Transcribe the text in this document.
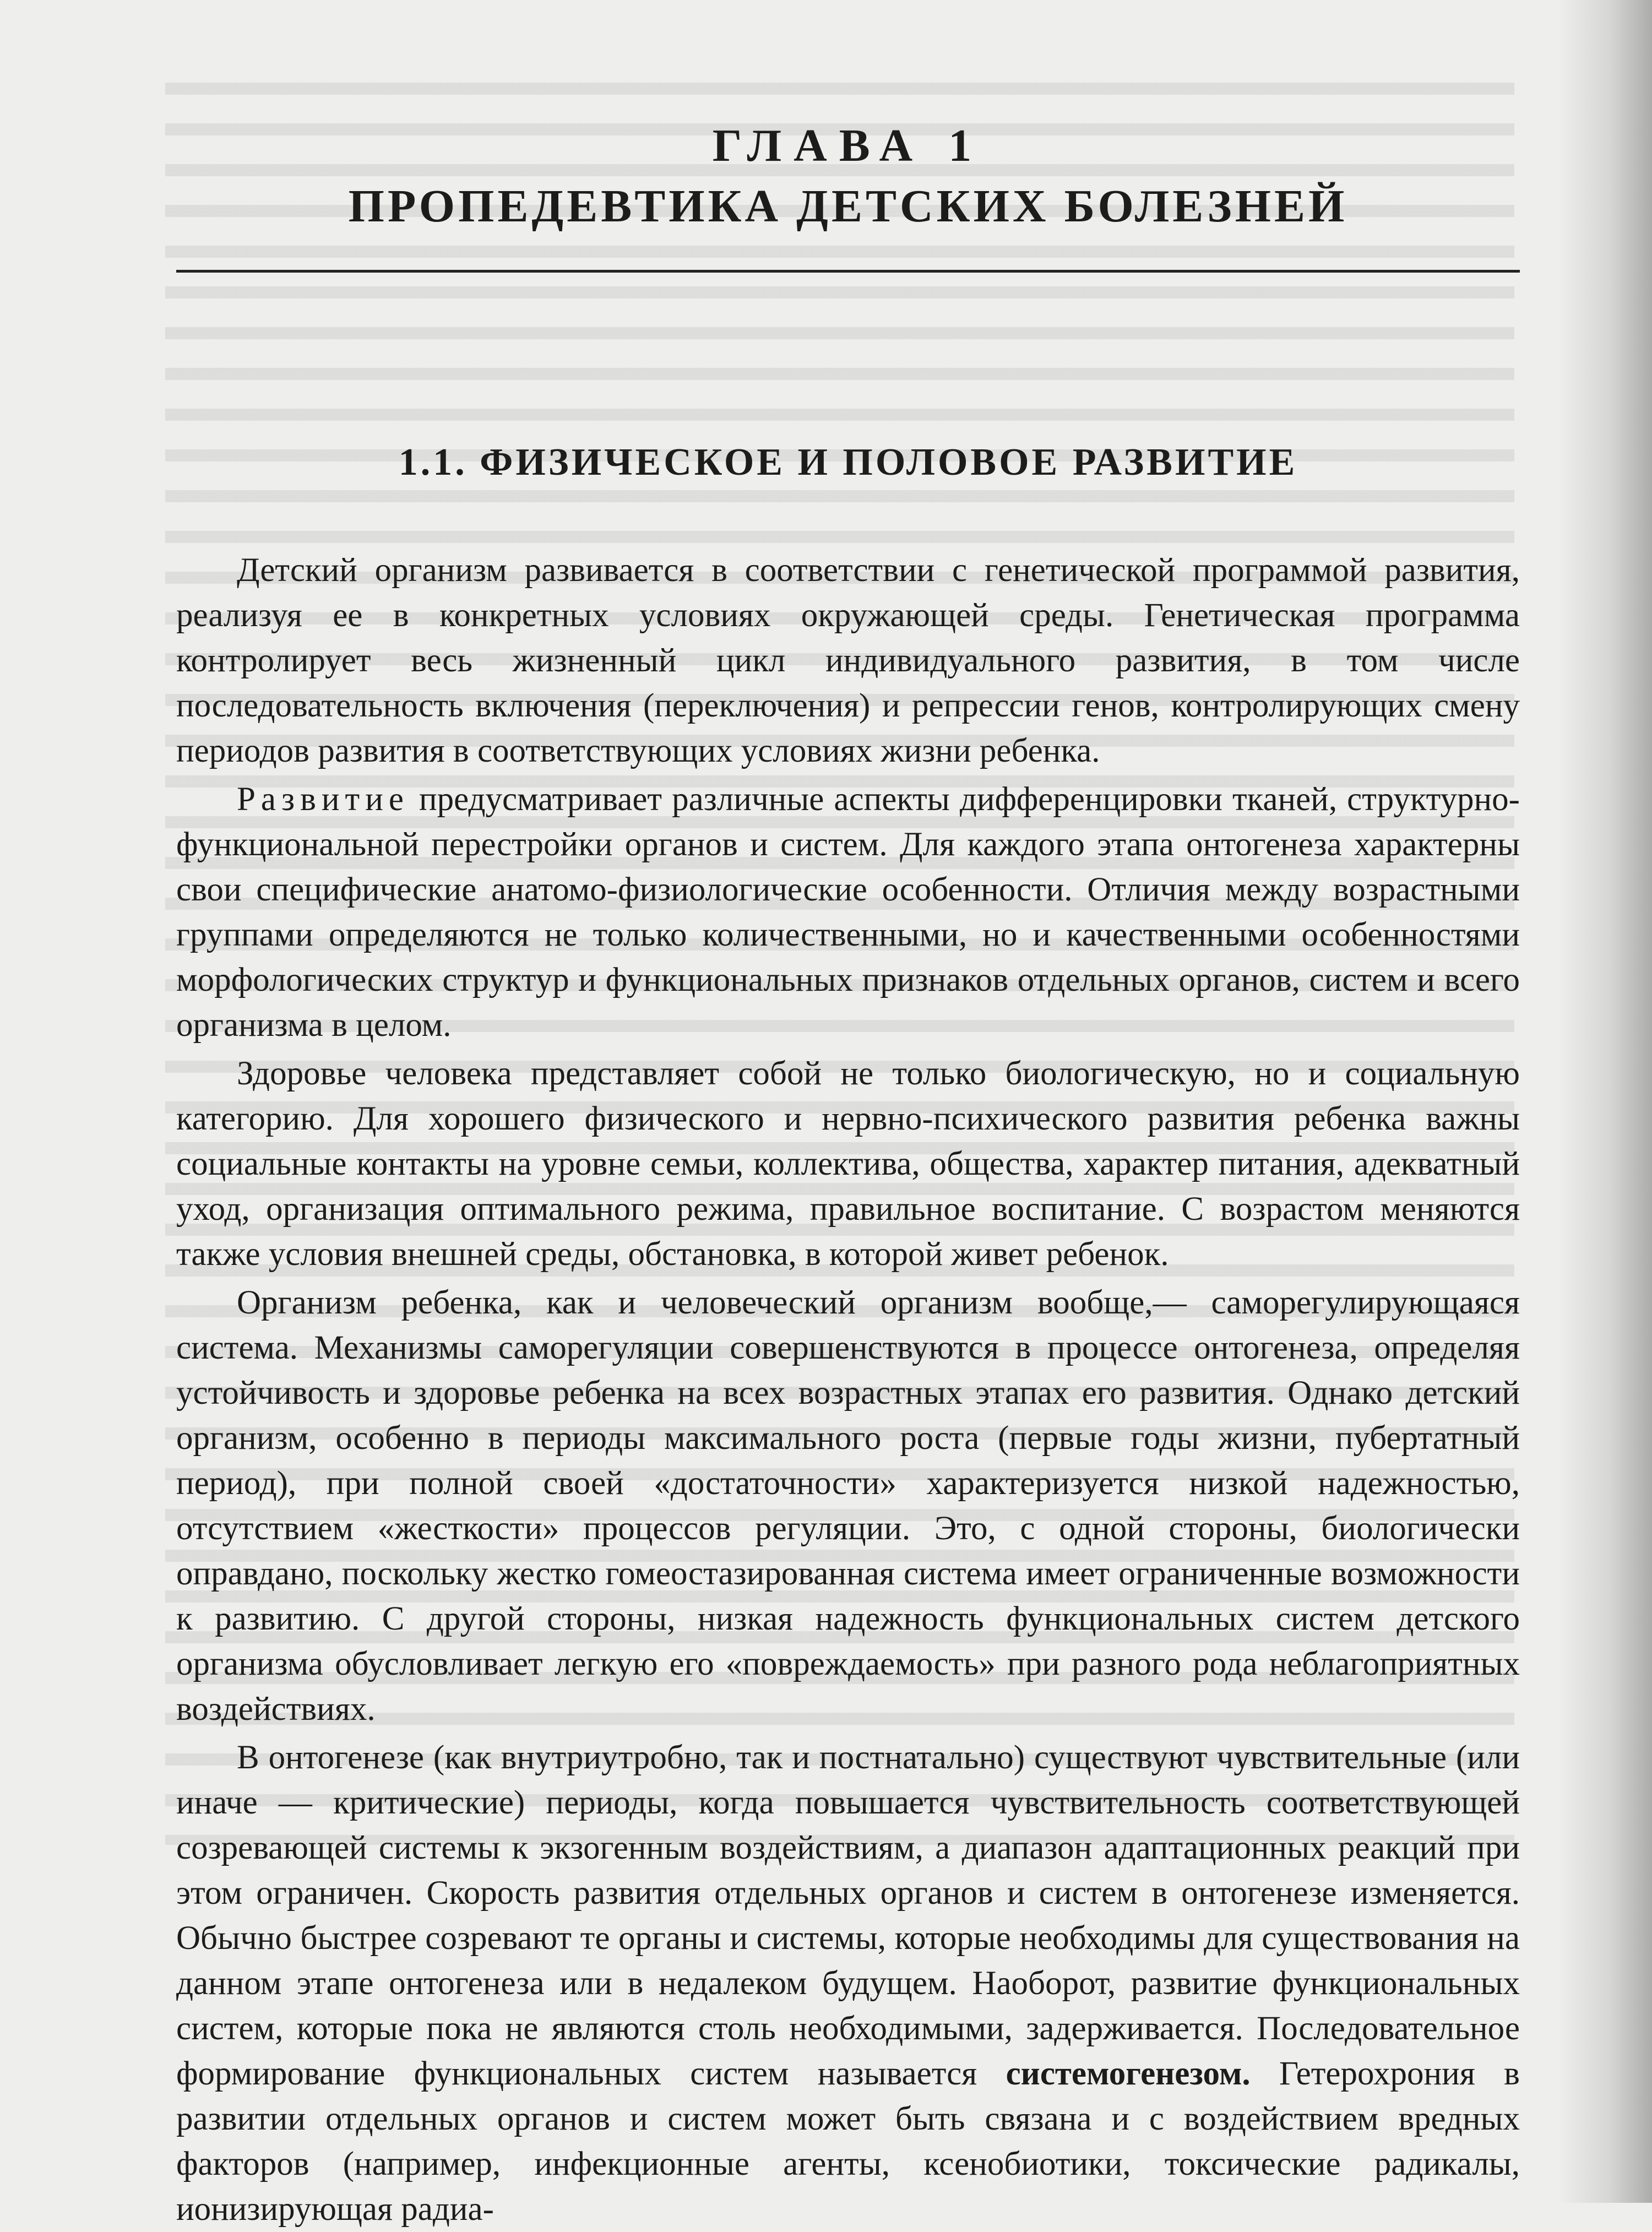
ГЛАВА 1
ПРОПЕДЕВТИКА ДЕТСКИХ БОЛЕЗНЕЙ
1.1. ФИЗИЧЕСКОЕ И ПОЛОВОЕ РАЗВИТИЕ

Детский организм развивается в соответствии с генетической программой развития, реализуя ее в конкретных условиях окружающей среды. Генетическая программа контролирует весь жизненный цикл индивидуального развития, в том числе последовательность включения (переключения) и репрессии генов, контролирующих смену периодов развития в соответствующих условиях жизни ребенка.

Развитие предусматривает различные аспекты дифференцировки тканей, структурно-функциональной перестройки органов и систем. Для каждого этапа онтогенеза характерны свои специфические анатомо-физиологические особенности. Отличия между возрастными группами определяются не только количественными, но и качественными особенностями морфологических структур и функциональных признаков отдельных органов, систем и всего организма в целом.

Здоровье человека представляет собой не только биологическую, но и социальную категорию. Для хорошего физического и нервно-психического развития ребенка важны социальные контакты на уровне семьи, коллектива, общества, характер питания, адекватный уход, организация оптимального режима, правильное воспитание. С возрастом меняются также условия внешней среды, обстановка, в которой живет ребенок.

Организм ребенка, как и человеческий организм вообще,— саморегулирующаяся система. Механизмы саморегуляции совершенствуются в процессе онтогенеза, определяя устойчивость и здоровье ребенка на всех возрастных этапах его развития. Однако детский организм, особенно в периоды максимального роста (первые годы жизни, пубертатный период), при полной своей «достаточности» характеризуется низкой надежностью, отсутствием «жесткости» процессов регуляции. Это, с одной стороны, биологически оправдано, поскольку жестко гомеостазированная система имеет ограниченные возможности к развитию. С другой стороны, низкая надежность функциональных систем детского организма обусловливает легкую его «повреждаемость» при разного рода неблагоприятных воздействиях.

В онтогенезе (как внутриутробно, так и постнатально) существуют чувствительные (или иначе — критические) периоды, когда повышается чувствительность соответствующей созревающей системы к экзогенным воздействиям, а диапазон адаптационных реакций при этом ограничен. Скорость развития отдельных органов и систем в онтогенезе изменяется. Обычно быстрее созревают те органы и системы, которые необходимы для существования на данном этапе онтогенеза или в недалеком будущем. Наоборот, развитие функциональных систем, которые пока не являются столь необходимыми, задерживается. Последовательное формирование функциональных систем называется системогенезом. Гетерохрония в развитии отдельных органов и систем может быть связана и с воздействием вредных факторов (например, инфекционные агенты, ксенобиотики, токсические радикалы, ионизирующая радиа-
